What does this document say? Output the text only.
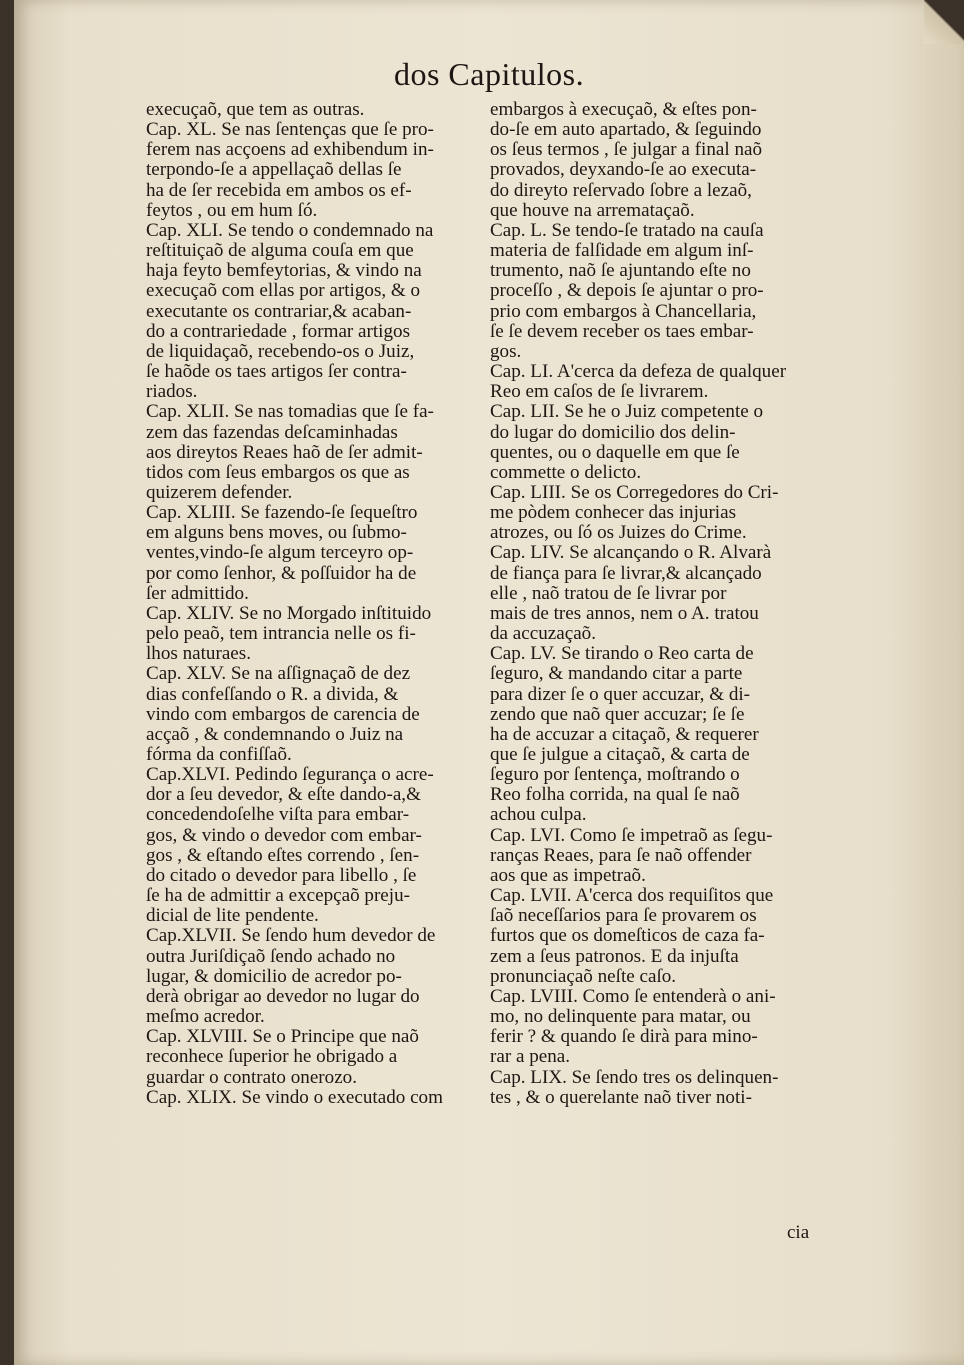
dos Capitulos.
execuçaõ, que tem as outras.
Cap. XL. Se nas ſentenças que ſe pro-
ferem nas acçoens ad exhibendum in-
terpondo-ſe a appellaçaõ dellas ſe
ha de ſer recebida em ambos os ef-
feytos , ou em hum ſó.
Cap. XLI. Se tendo o condemnado na
reſtituiçaõ de alguma couſa em que
haja feyto bemfeytorias, & vindo na
execuçaõ com ellas por artigos, & o
executante os contrariar,& acaban-
do a contrariedade , formar artigos
de liquidaçaõ, recebendo-os o Juiz,
ſe haõde os taes artigos ſer contra-
riados.
Cap. XLII. Se nas tomadias que ſe fa-
zem das fazendas deſcaminhadas
aos direytos Reaes haõ de ſer admit-
tidos com ſeus embargos os que as
quizerem defender.
Cap. XLIII. Se fazendo-ſe ſequeſtro
em alguns bens moves, ou ſubmo-
ventes,vindo-ſe algum terceyro op-
por como ſenhor, & poſſuidor ha de
ſer admittido.
Cap. XLIV. Se no Morgado inſtituido
pelo peaõ, tem intrancia nelle os fi-
lhos naturaes.
Cap. XLV. Se na aſſignaçaõ de dez
dias confeſſando o R. a divida, &
vindo com embargos de carencia de
acçaõ , & condemnando o Juiz na
fórma da confiſſaõ.
Cap.XLVI. Pedindo ſegurança o acre-
dor a ſeu devedor, & eſte dando-a,&
concedendoſelhe viſta para embar-
gos, & vindo o devedor com embar-
gos , & eſtando eſtes correndo , ſen-
do citado o devedor para libello , ſe
ſe ha de admittir a excepçaõ preju-
dicial de lite pendente.
Cap.XLVII. Se ſendo hum devedor de
outra Juriſdiçaõ ſendo achado no
lugar, & domicilio de acredor po-
derà obrigar ao devedor no lugar do
meſmo acredor.
Cap. XLVIII. Se o Principe que naõ
reconhece ſuperior he obrigado a
guardar o contrato onerozo.
Cap. XLIX. Se vindo o executado com
embargos à execuçaõ, & eſtes pon-
do-ſe em auto apartado, & ſeguindo
os ſeus termos , ſe julgar a final naõ
provados, deyxando-ſe ao executa-
do direyto reſervado ſobre a lezaõ,
que houve na arremataçaõ.
Cap. L. Se tendo-ſe tratado na cauſa
materia de falſidade em algum inſ-
trumento, naõ ſe ajuntando eſte no
proceſſo , & depois ſe ajuntar o pro-
prio com embargos à Chancellaria,
ſe ſe devem receber os taes embar-
gos.
Cap. LI. A'cerca da defeza de qualquer
Reo em caſos de ſe livrarem.
Cap. LII. Se he o Juiz competente o
do lugar do domicilio dos delin-
quentes, ou o daquelle em que ſe
commette o delicto.
Cap. LIII. Se os Corregedores do Cri-
me pòdem conhecer das injurias
atrozes, ou ſó os Juizes do Crime.
Cap. LIV. Se alcançando o R. Alvarà
de fiança para ſe livrar,& alcançado
elle , naõ tratou de ſe livrar por
mais de tres annos, nem o A. tratou
da accuzaçaõ.
Cap. LV. Se tirando o Reo carta de
ſeguro, & mandando citar a parte
para dizer ſe o quer accuzar, & di-
zendo que naõ quer accuzar; ſe ſe
ha de accuzar a citaçaõ, & requerer
que ſe julgue a citaçaõ, & carta de
ſeguro por ſentença, moſtrando o
Reo folha corrida, na qual ſe naõ
achou culpa.
Cap. LVI. Como ſe impetraõ as ſegu-
ranças Reaes, para ſe naõ offender
aos que as impetraõ.
Cap. LVII. A'cerca dos requiſitos que
ſaõ neceſſarios para ſe provarem os
furtos que os domeſticos de caza fa-
zem a ſeus patronos. E da injuſta
pronunciaçaõ neſte caſo.
Cap. LVIII. Como ſe entenderà o ani-
mo, no delinquente para matar, ou
ferir ? & quando ſe dirà para mino-
rar a pena.
Cap. LIX. Se ſendo tres os delinquen-
tes , & o querelante naõ tiver noti-
cia
